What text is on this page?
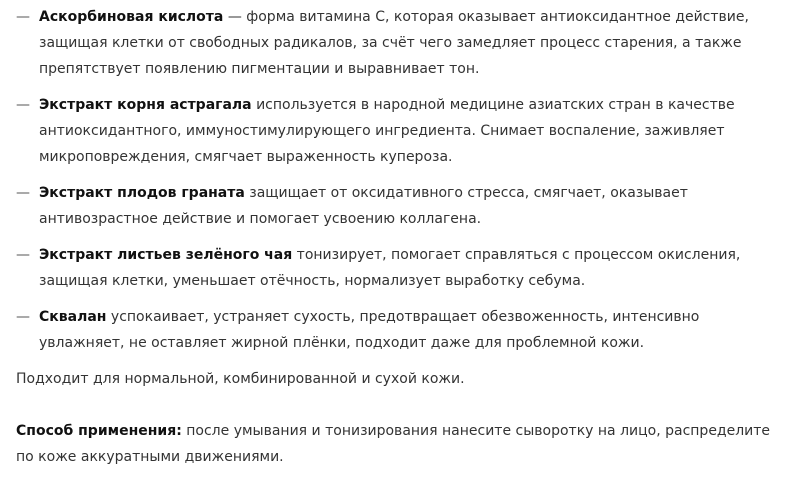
— Аскорбиновая кислота — форма витамина С, которая оказывает антиоксидантное действие, защищая клетки от свободных радикалов, за счёт чего замедляет процесс старения, а также препятствует появлению пигментации и выравнивает тон.
— Экстракт корня астрагала используется в народной медицине азиатских стран в качестве антиоксидантного, иммуностимулирующего ингредиента. Снимает воспаление, заживляет микроповреждения, смягчает выраженность купероза.
— Экстракт плодов граната защищает от оксидативного стресса, смягчает, оказывает антивозрастное действие и помогает усвоению коллагена.
— Экстракт листьев зелёного чая тонизирует, помогает справляться с процессом окисления, защищая клетки, уменьшает отёчность, нормализует выработку себума.
— Сквалан успокаивает, устраняет сухость, предотвращает обезвоженность, интенсивно увлажняет, не оставляет жирной плёнки, подходит даже для проблемной кожи.

Подходит для нормальной, комбинированной и сухой кожи.

Способ применения: после умывания и тонизирования нанесите сыворотку на лицо, распределите по коже аккуратными движениями.
